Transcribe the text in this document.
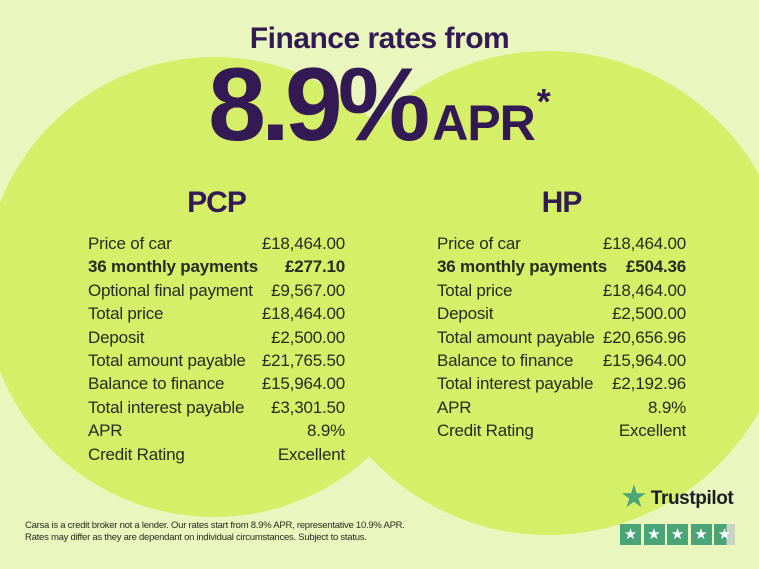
Finance rates from
8.9% APR *
PCP
Price of car	£18,464.00
36 monthly payments £277.10
Optional final payment £9,567.00
Total price	£18,464.00
Deposit	£2,500.00
Total amount payable £21,765.50
Balance to finance £15,964.00
Total interest payable £3,301.50
APR	8.9%
Credit Rating	Excellent
HP
Price of car	£18,464.00
36 monthly payments £504.36
Total price	£18,464.00
Deposit	£2,500.00
Total amount payable £20,656.96
Balance to finance £15,964.00
Total interest payable £2,192.96
APR	8.9%
Credit Rating	Excellent
Carsa is a credit broker not a lender. Our rates start from 8.9% APR, representative 10.9% APR.
Rates may differ as they are dependant on individual circumstances. Subject to status.
★ Trustpilot
★ ★ ★ ★ ★
